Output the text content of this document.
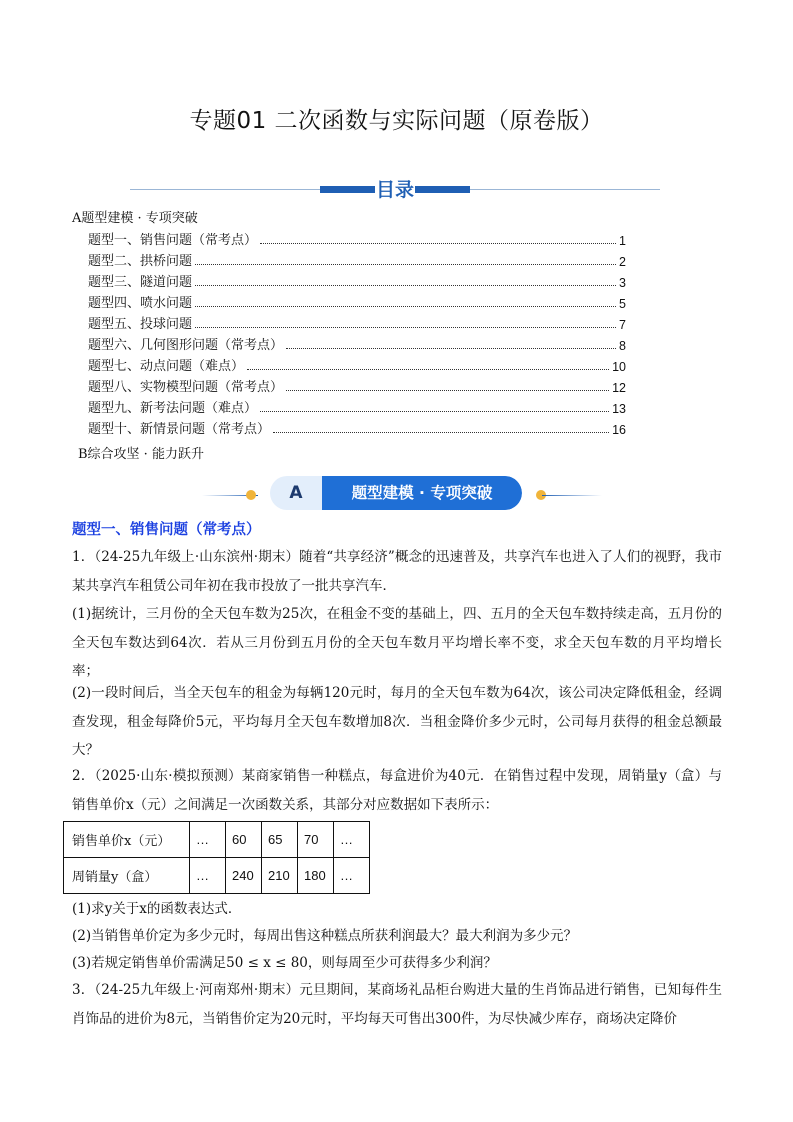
专题01 二次函数与实际问题（原卷版）
目录
A题型建模 · 专项突破
题型一、销售问题（常考点）	1
题型二、拱桥问题	2
题型三、隧道问题	3
题型四、喷水问题	5
题型五、投球问题	7
题型六、几何图形问题（常考点）	8
题型七、动点问题（难点）	10
题型八、实物模型问题（常考点）	12
题型九、新考法问题（难点）	13
题型十、新情景问题（常考点）	16
B综合攻坚 · 能力跃升
A	题型建模 · 专项突破
题型一、销售问题（常考点）
1．（24-25九年级上·山东滨州·期末）随着“共享经济”概念的迅速普及，共享汽车也进入了人们的视野，我市某共享汽车租赁公司年初在我市投放了一批共享汽车．
(1)据统计，三月份的全天包车数为25次，在租金不变的基础上，四、五月的全天包车数持续走高，五月份的全天包车数达到64次．若从三月份到五月份的全天包车数月平均增长率不变，求全天包车数的月平均增长率；
(2)一段时间后，当全天包车的租金为每辆120元时，每月的全天包车数为64次，该公司决定降低租金，经调查发现，租金每降价5元，平均每月全天包车数增加8次．当租金降价多少元时，公司每月获得的租金总额最大？
2．（2025·山东·模拟预测）某商家销售一种糕点，每盒进价为40元．在销售过程中发现，周销量y（盒）与销售单价x（元）之间满足一次函数关系，其部分对应数据如下表所示：
销售单价x（元）	…	60	65	70	…
周销量y（盒）	…	240	210	180	…
(1)求y关于x的函数表达式．
(2)当销售单价定为多少元时，每周出售这种糕点所获利润最大？最大利润为多少元？
(3)若规定销售单价需满足50 ≤ x ≤ 80，则每周至少可获得多少利润？
3．（24-25九年级上·河南郑州·期末）元旦期间，某商场礼品柜台购进大量的生肖饰品进行销售，已知每件生肖饰品的进价为8元，当销售价定为20元时，平均每天可售出300件，为尽快减少库存，商场决定降价
